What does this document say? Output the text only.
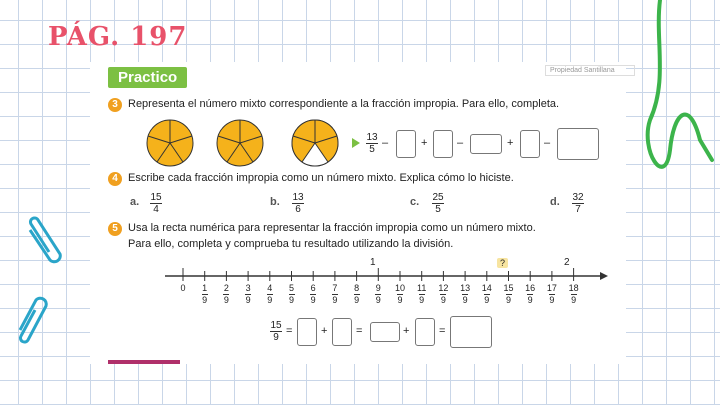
PÁG. 197
Practico	Propiedad Santillana
3 Representa el número mixto correspondiente a la fracción impropia. Para ello, completa.
13
5
–	+	–	+	–
4 Escribe cada fracción impropia como un número mixto. Explica cómo lo hiciste.
a. 15
4
b. 13
6
c. 25
5
d. 32
7
5 Usa la recta numérica para representar la fracción impropia como un número mixto.
Para ello, completa y comprueba tu resultado utilizando la división.
1	?	2
0	1
9
2
9
3
9
4
9
5
9
6
9
7
9
8
9
9
9
10
9
11
9
12
9
13
9
14
9
15
9
16
9
17
9
18
9
15
9
=	+	=	+	=
